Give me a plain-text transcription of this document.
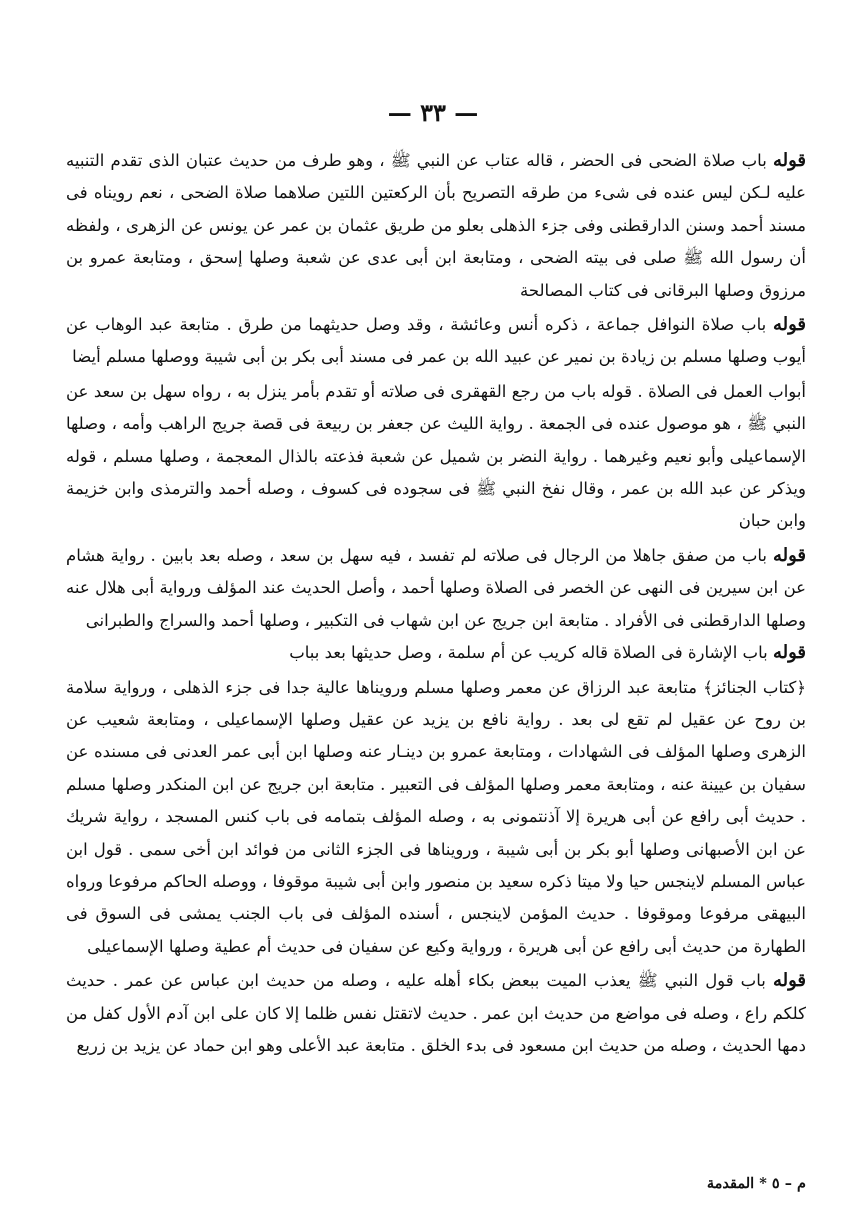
— ٣٣ —

قوله باب صلاة الضحى فى الحضر ، قاله عتاب عن النبي ﷺ ، وهو طرف من حديث عتبان الذى تقدم التنبيه عليه لـكن ليس عنده فى شىء من طرقه التصريح بأن الركعتين اللتين صلاهما صلاة الضحى ، نعم رويناه فى مسند أحمد وسنن الدارقطنى وفى جزء الذهلى بعلو من طريق عثمان بن عمر عن يونس عن الزهرى ، ولفظه أن رسول الله ﷺ صلى فى بيته الضحى ، ومتابعة ابن أبى عدى عن شعبة وصلها إسحق ، ومتابعة عمرو بن مرزوق وصلها البرقانى فى كتاب المصالحة

قوله باب صلاة النوافل جماعة ، ذكره أنس وعائشة ، وقد وصل حديثهما من طرق . متابعة عبد الوهاب عن أيوب وصلها مسلم بن زيادة بن نمير عن عبيد الله بن عمر فى مسند أبى بكر بن أبى شيبة ووصلها مسلم أيضا

أبواب العمل فى الصلاة . قوله باب من رجع القهقرى فى صلاته أو تقدم بأمر ينزل به ، رواه سهل بن سعد عن النبي ﷺ ، هو موصول عنده فى الجمعة . رواية الليث عن جعفر بن ربيعة فى قصة جريج الراهب وأمه ، وصلها الإسماعيلى وأبو نعيم وغيرهما . رواية النضر بن شميل عن شعبة فذعته بالذال المعجمة ، وصلها مسلم ، قوله ويذكر عن عبد الله بن عمر ، وقال نفخ النبي ﷺ فى سجوده فى كسوف ، وصله أحمد والترمذى وابن خزيمة وابن حبان

قوله باب من صفق جاهلا من الرجال فى صلاته لم تفسد ، فيه سهل بن سعد ، وصله بعد بابين . رواية هشام عن ابن سيرين فى النهى عن الخصر فى الصلاة وصلها أحمد ، وأصل الحديث عند المؤلف ورواية أبى هلال عنه وصلها الدارقطنى فى الأفراد . متابعة ابن جريج عن ابن شهاب فى التكبير ، وصلها أحمد والسراج والطبرانى

قوله باب الإشارة فى الصلاة قاله كريب عن أم سلمة ، وصل حديثها بعد بباب

﴿كتاب الجنائز﴾ متابعة عبد الرزاق عن معمر وصلها مسلم ورويناها عالية جدا فى جزء الذهلى ، ورواية سلامة بن روح عن عقيل لم تقع لى بعد . رواية نافع بن يزيد عن عقيل وصلها الإسماعيلى ، ومتابعة شعيب عن الزهرى وصلها المؤلف فى الشهادات ، ومتابعة عمرو بن دينـار عنه وصلها ابن أبى عمر العدنى فى مسنده عن سفيان بن عيينة عنه ، ومتابعة معمر وصلها المؤلف فى التعبير . متابعة ابن جريج عن ابن المنكدر وصلها مسلم . حديث أبى رافع عن أبى هريرة إلا آذنتمونى به ، وصله المؤلف بتمامه فى باب كنس المسجد ، رواية شريك عن ابن الأصبهانى وصلها أبو بكر بن أبى شيبة ، ورويناها فى الجزء الثانى من فوائد ابن أخى سمى . قول ابن عباس المسلم لاينجس حيا ولا ميتا ذكره سعيد بن منصور وابن أبى شيبة موقوفا ، ووصله الحاكم مرفوعا ورواه البيهقى مرفوعا وموقوفا . حديث المؤمن لاينجس ، أسنده المؤلف فى باب الجنب يمشى فى السوق فى الطهارة من حديث أبى رافع عن أبى هريرة ، ورواية وكيع عن سفيان فى حديث أم عطية وصلها الإسماعيلى

قوله باب قول النبي ﷺ يعذب الميت ببعض بكاء أهله عليه ، وصله من حديث ابن عباس عن عمر . حديث كلكم راع ، وصله فى مواضع من حديث ابن عمر . حديث لاتقتل نفس ظلما إلا كان على ابن آدم الأول كفل من دمها الحديث ، وصله من حديث ابن مسعود فى بدء الخلق . متابعة عبد الأعلى وهو ابن حماد عن يزيد بن زريع

م – ٥ * المقدمة
